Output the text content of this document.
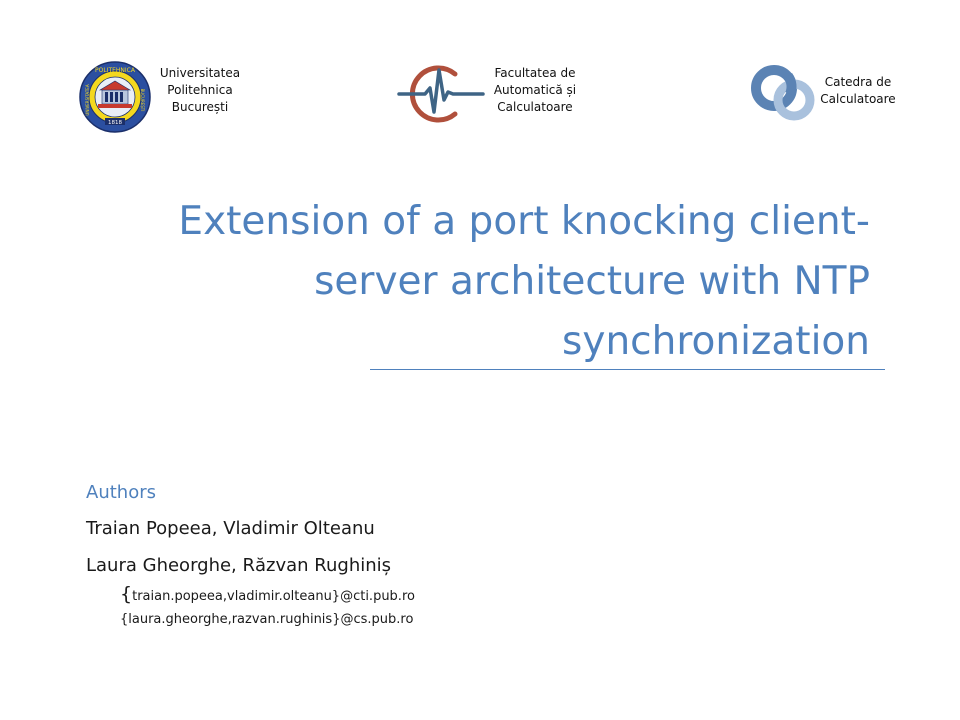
POLITEHNICA
UNIVERSITATEA	BUCUREȘTI
1818
Universitatea
Politehnica
București
Facultatea de
Automatică și
Calculatoare
Catedra de
Calculatoare
Extension of a port knocking client-
server architecture with NTP
synchronization
Authors
Traian Popeea, Vladimir Olteanu
Laura Gheorghe, Răzvan Rughiniș
{traian.popeea,vladimir.olteanu}@cti.pub.ro
{laura.gheorghe,razvan.rughinis}@cs.pub.ro
